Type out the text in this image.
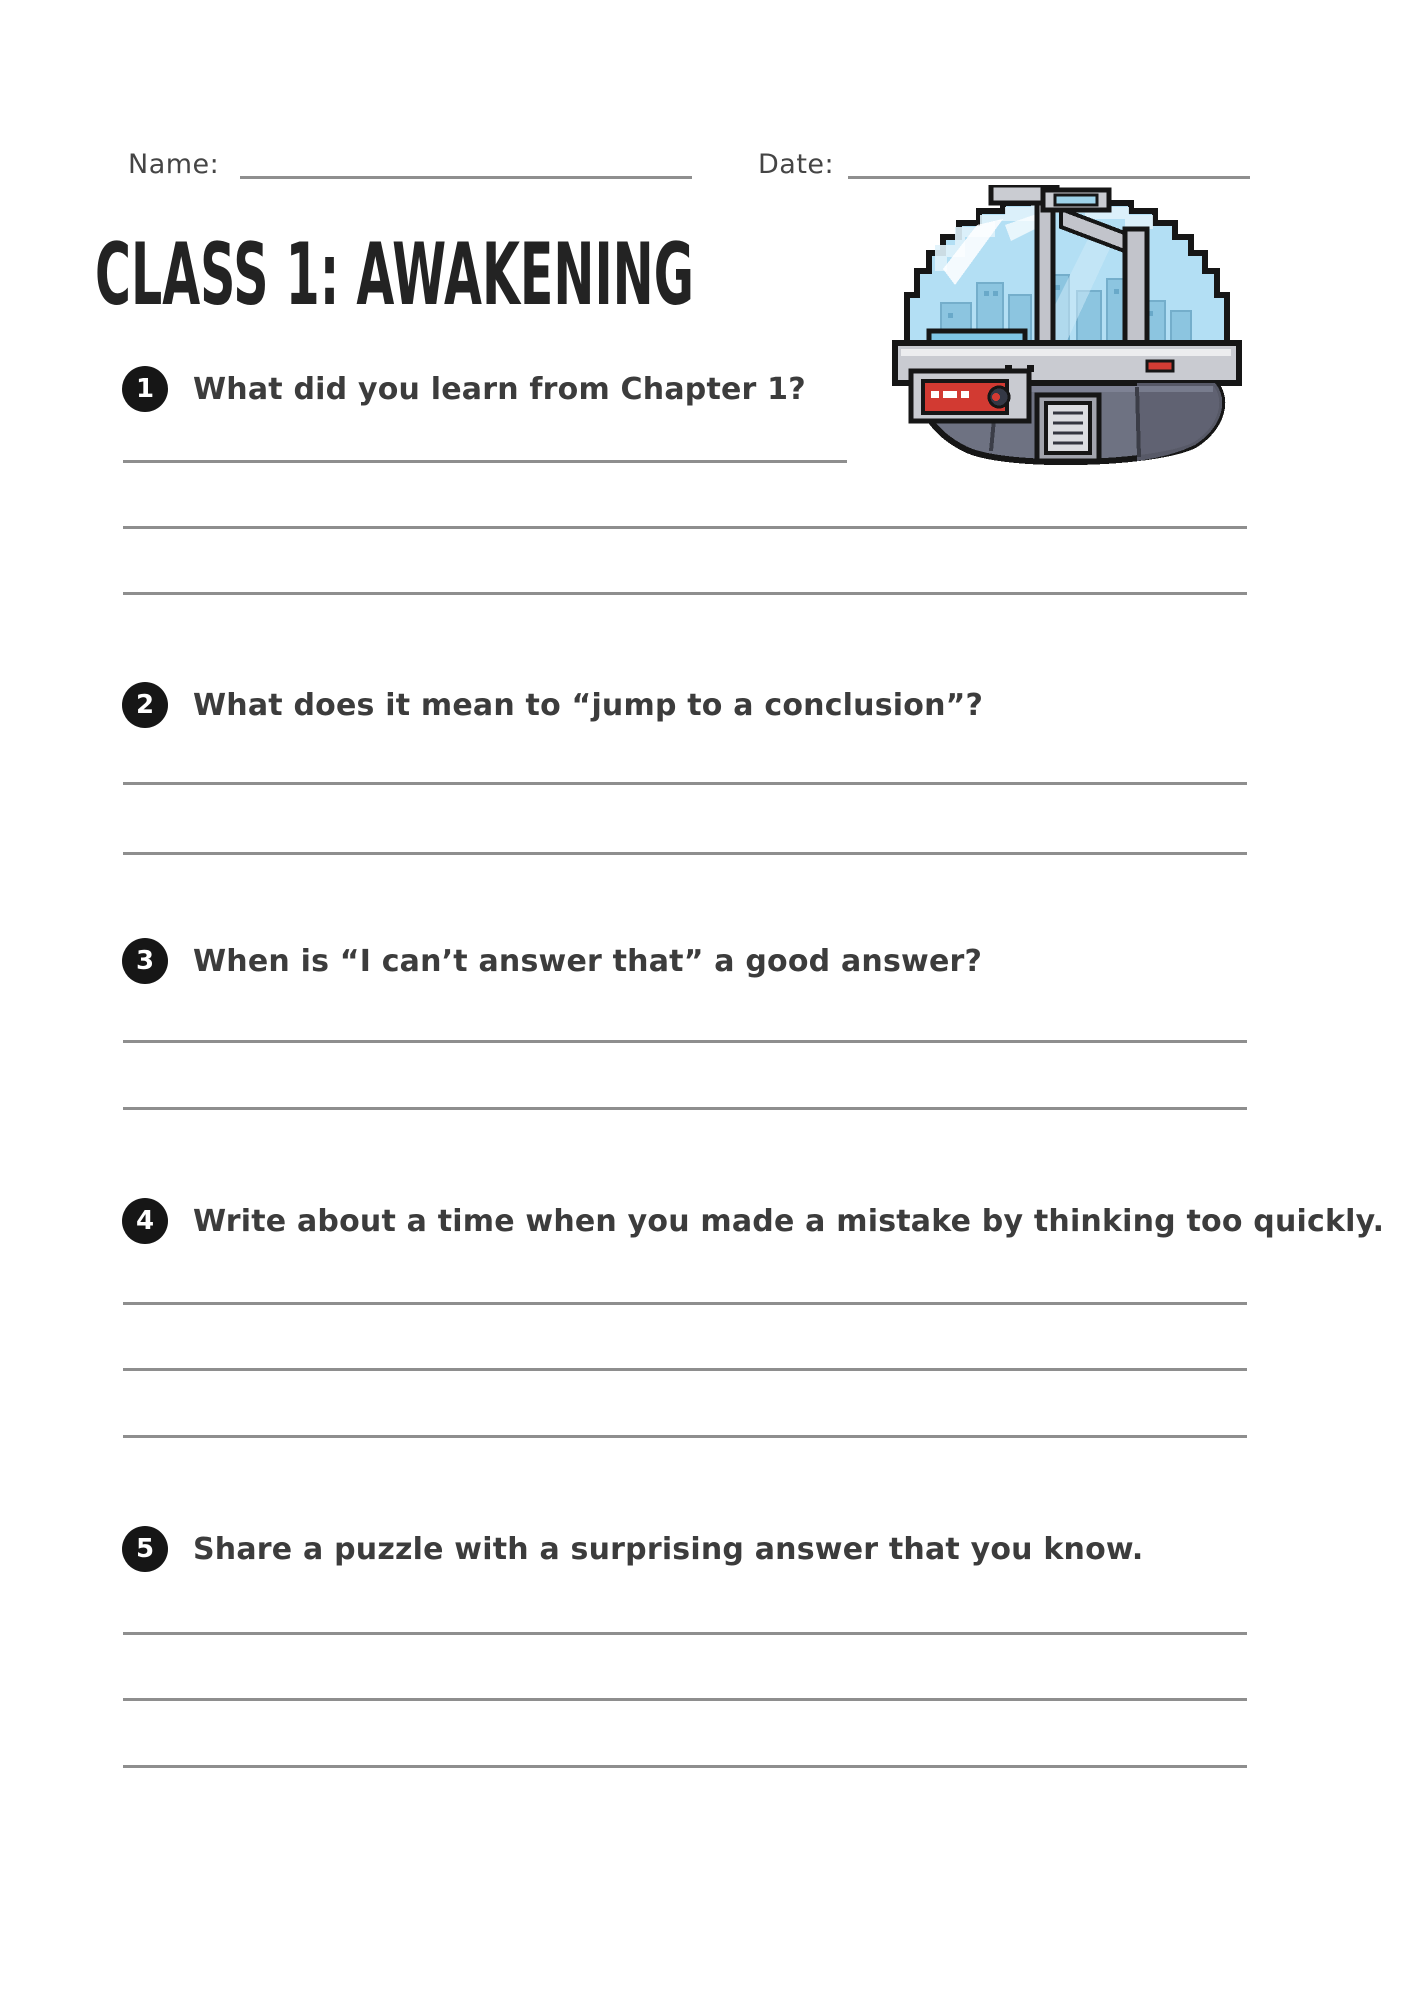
Name:	Date:
CLASS 1: AWAKENING
1 What did you learn from Chapter 1?
2 What does it mean to “jump to a conclusion”?
3 When is “I can’t answer that” a good answer?
4 Write about a time when you made a mistake by thinking too quickly.
5 Share a puzzle with a surprising answer that you know.
